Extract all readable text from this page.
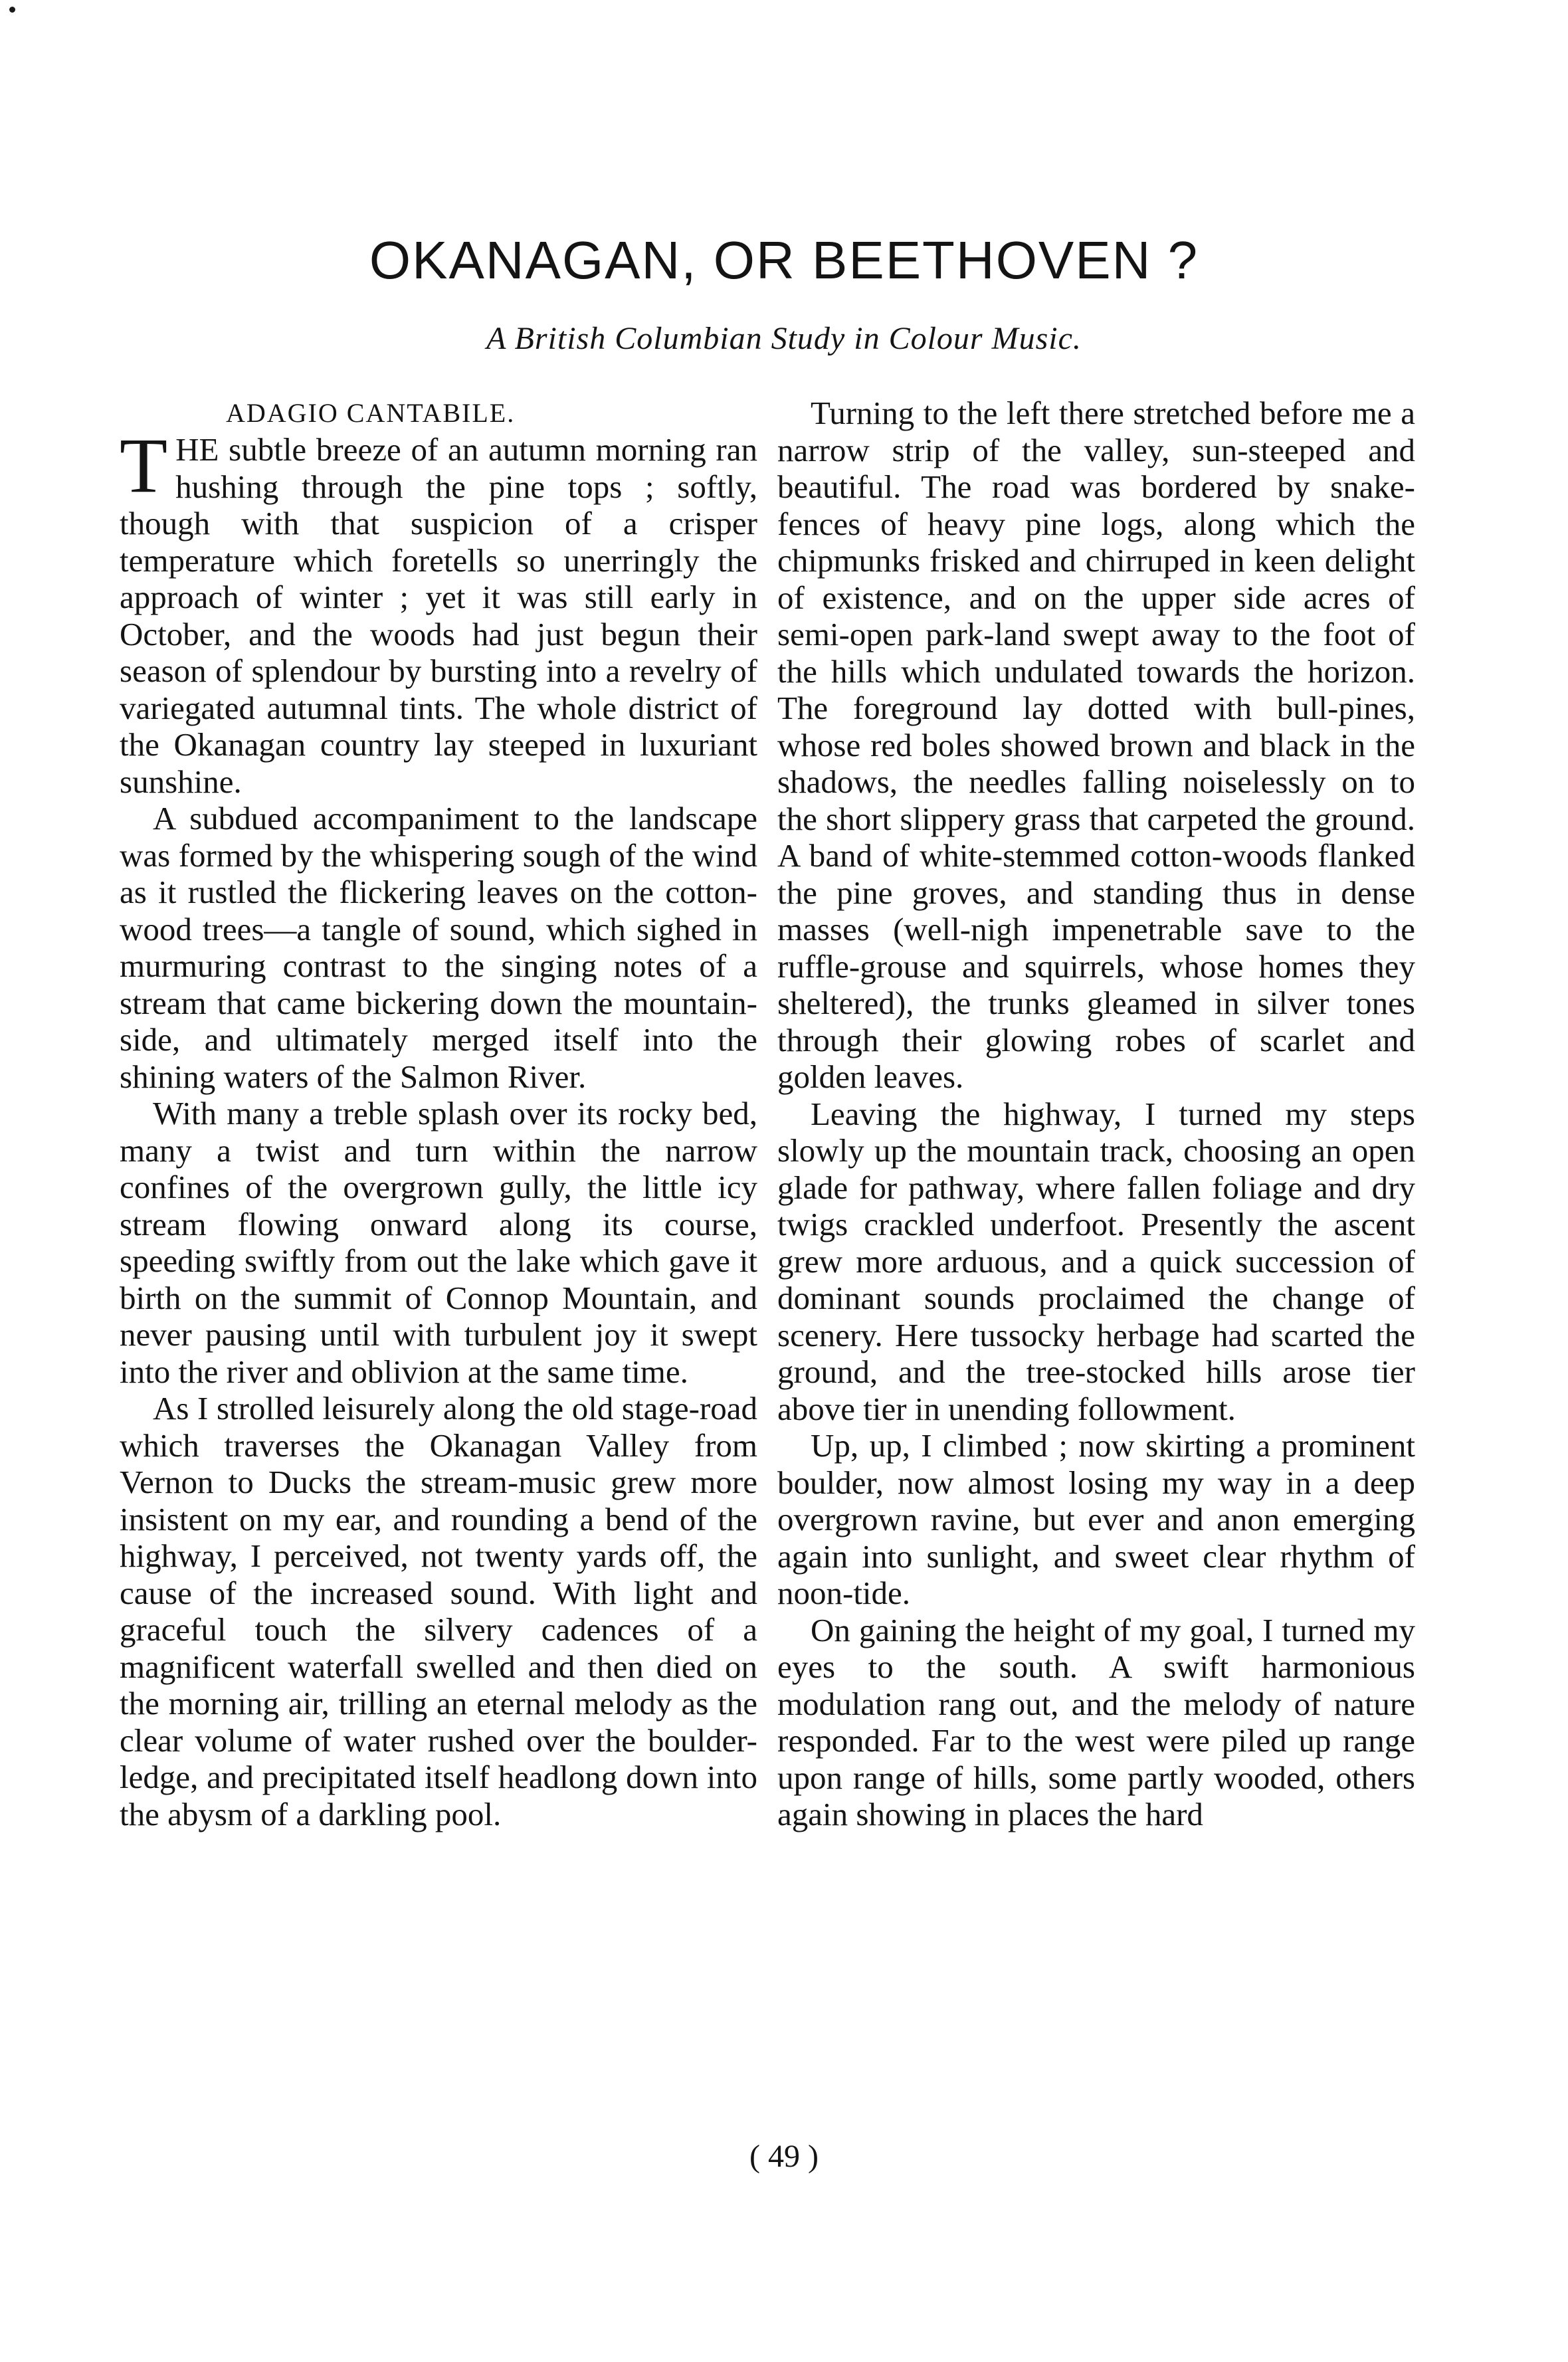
OKANAGAN, OR BEETHOVEN ?
A British Columbian Study in Colour Music.
ADAGIO CANTABILE.

THE subtle breeze of an autumn morning ran hushing through the pine tops ; softly, though with that suspicion of a crisper temperature which foretells so unerringly the approach of winter ; yet it was still early in October, and the woods had just begun their season of splendour by bursting into a revelry of variegated autumnal tints. The whole district of the Okanagan country lay steeped in luxuriant sunshine.

A subdued accompaniment to the landscape was formed by the whispering sough of the wind as it rustled the flickering leaves on the cotton-wood trees—a tangle of sound, which sighed in murmuring contrast to the singing notes of a stream that came bickering down the mountain-side, and ultimately merged itself into the shining waters of the Salmon River.

With many a treble splash over its rocky bed, many a twist and turn within the narrow confines of the overgrown gully, the little icy stream flowing onward along its course, speeding swiftly from out the lake which gave it birth on the summit of Connop Mountain, and never pausing until with turbulent joy it swept into the river and oblivion at the same time.

As I strolled leisurely along the old stage-road which traverses the Okanagan Valley from Vernon to Ducks the stream-music grew more insistent on my ear, and rounding a bend of the highway, I perceived, not twenty yards off, the cause of the increased sound. With light and graceful touch the silvery cadences of a magnificent waterfall swelled and then died on the morning air, trilling an eternal melody as the clear volume of water rushed over the boulder-ledge, and precipitated itself headlong down into the abysm of a darkling pool.

Turning to the left there stretched before me a narrow strip of the valley, sun-steeped and beautiful. The road was bordered by snake-fences of heavy pine logs, along which the chipmunks frisked and chirruped in keen delight of existence, and on the upper side acres of semi-open park-land swept away to the foot of the hills which undulated towards the horizon. The foreground lay dotted with bull-pines, whose red boles showed brown and black in the shadows, the needles falling noiselessly on to the short slippery grass that carpeted the ground. A band of white-stemmed cotton-woods flanked the pine groves, and standing thus in dense masses (well-nigh impenetrable save to the ruffle-grouse and squirrels, whose homes they sheltered), the trunks gleamed in silver tones through their glowing robes of scarlet and golden leaves.

Leaving the highway, I turned my steps slowly up the mountain track, choosing an open glade for pathway, where fallen foliage and dry twigs crackled underfoot. Presently the ascent grew more arduous, and a quick succession of dominant sounds proclaimed the change of scenery. Here tussocky herbage had scarted the ground, and the tree-stocked hills arose tier above tier in unending followment.

Up, up, I climbed ; now skirting a prominent boulder, now almost losing my way in a deep overgrown ravine, but ever and anon emerging again into sunlight, and sweet clear rhythm of noon-tide.

On gaining the height of my goal, I turned my eyes to the south. A swift harmonious modulation rang out, and the melody of nature responded. Far to the west were piled up range upon range of hills, some partly wooded, others again showing in places the hard

( 49 )
